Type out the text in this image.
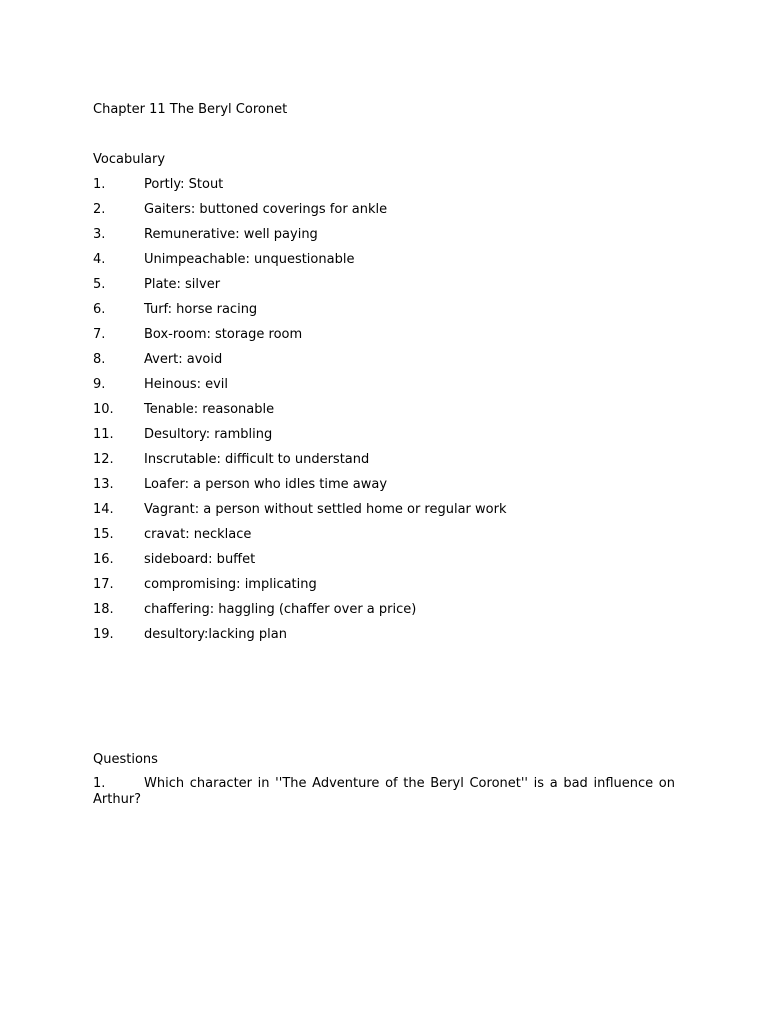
Chapter 11 The Beryl Coronet
Vocabulary
1.	Portly: Stout
2.	Gaiters: buttoned coverings for ankle
3.	Remunerative: well paying
4.	Unimpeachable: unquestionable
5.	Plate: silver
6.	Turf: horse racing
7.	Box-room: storage room
8.	Avert: avoid
9.	Heinous: evil
10.	Tenable: reasonable
11.	Desultory: rambling
12.	Inscrutable: difficult to understand
13.	Loafer: a person who idles time away
14.	Vagrant: a person without settled home or regular work
15.	cravat: necklace
16.	sideboard: buffet
17.	compromising: implicating
18.	chaffering: haggling (chaffer over a price)
19.	desultory:lacking plan
Questions
1.	Which character in ''The Adventure of the Beryl Coronet'' is a bad influence on Arthur?
